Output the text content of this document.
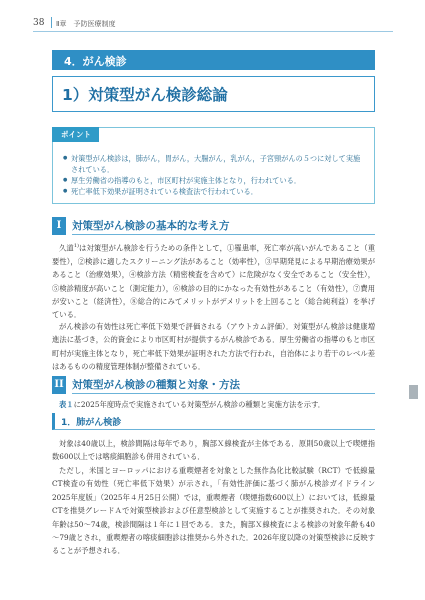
38 Ⅱ章　予防医療制度
4．がん検診
1）対策型がん検診総論
ポイント
● 対策型がん検診は，肺がん，胃がん，大腸がん，乳がん，子宮頸がんの５つに対して実施されている．
● 厚生労働省の指導のもと，市区町村が実施主体となり，行われている．
● 死亡率低下効果が証明されている検査法で行われている．
I	対策型がん検診の基本的な考え方

久道$^{1)}$は対策型がん検診を行うための条件として，①罹患率，死亡率が高いがんであること（重要性），②検診に適したスクリーニング法があること（効率性），③早期発見による早期治療効果があること（治療効果），④検診方法（精密検査を含めて）に危険がなく安全であること（安全性），⑤検診精度が高いこと（測定能力），⑥検診の目的にかなった有効性があること（有効性），⑦費用が安いこと（経済性），⑧総合的にみてメリットがデメリットを上回ること（総合純利益）を挙げている．

がん検診の有効性は死亡率低下効果で評価される（アウトカム評価）．対策型がん検診は健康増進法に基づき，公的資金により市区町村が提供するがん検診である．厚生労働省の指導のもと市区町村が実施主体となり，死亡率低下効果が証明された方法で行われ，自治体により若干のレベル差はあるものの精度管理体制が整備されている．

II 対策型がん検診の種類と対象・方法

表１に2025年度時点で実施されている対策型がん検診の種類と実施方法を示す．

1．肺がん検診

対象は40歳以上，検診間隔は毎年であり，胸部Ｘ線検査が主体である．原則50歳以上で喫煙指数600以上では喀痰細胞診も併用されている．

ただし，米国とヨーロッパにおける重喫煙者を対象とした無作為化比較試験（RCT）で低線量CT検査の有効性（死亡率低下効果）が示され，「有効性評価に基づく肺がん検診ガイドライン 2025年度版」（2025年４月25日公開）では，重喫煙者（喫煙指数600以上）においては，低線量CTを推奨グレードＡで対策型検診および任意型検診として実施することが推奨された．その対象年齢は50～74歳，検診間隔は１年に１回である．また，胸部Ｘ線検査による検診の対象年齢も40～79歳とされ，重喫煙者の喀痰細胞診は推奨から外された．2026年度以降の対策型検診に反映することが予想される．
